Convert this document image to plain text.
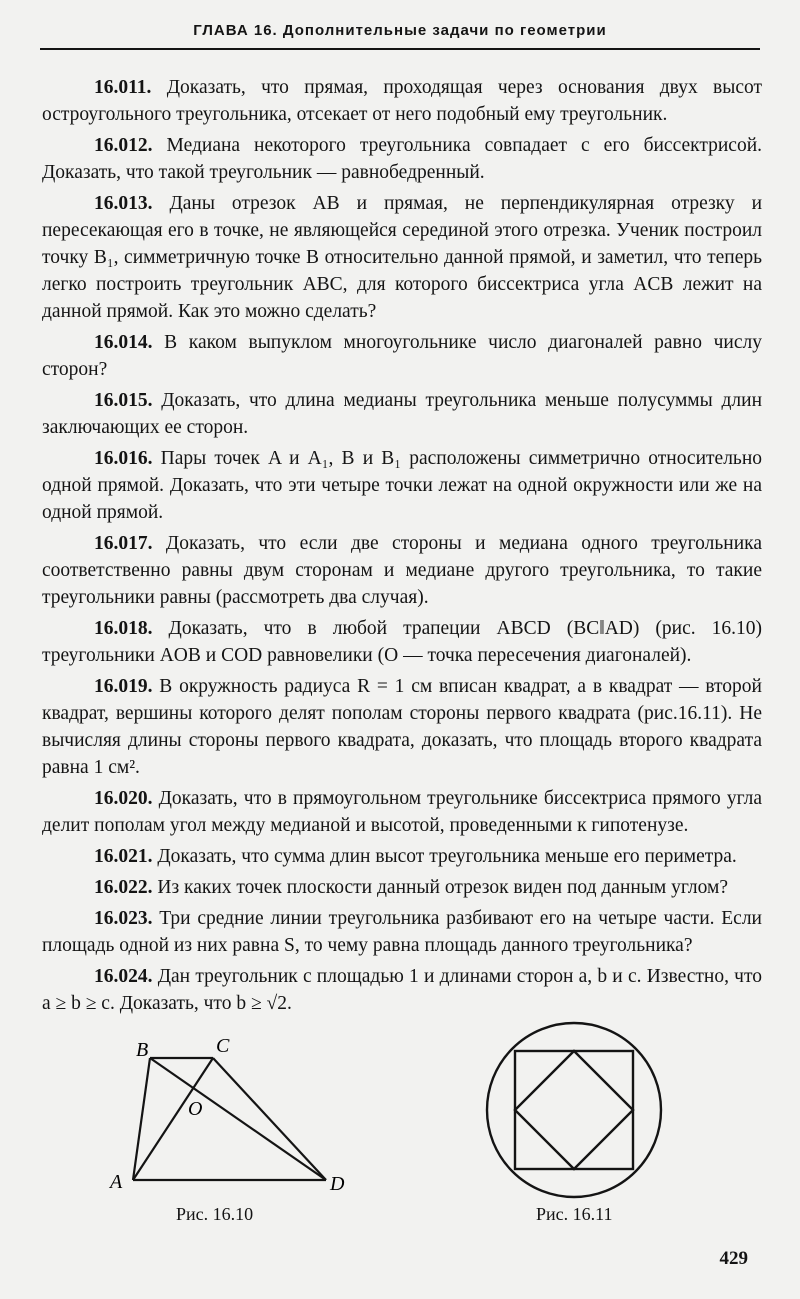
ГЛАВА 16. Дополнительные задачи по геометрии

16.011. Доказать, что прямая, проходящая через основания двух высот остроугольного треугольника, отсекает от него подобный ему треугольник.

16.012. Медиана некоторого треугольника совпадает с его биссектрисой. Доказать, что такой треугольник — равнобедренный.

16.013. Даны отрезок AB и прямая, не перпендикулярная отрезку и пересекающая его в точке, не являющейся серединой этого отрезка. Ученик построил точку B₁, симметричную точке B относительно данной прямой, и заметил, что теперь легко построить треугольник ABC, для которого биссектриса угла ACB лежит на данной прямой. Как это можно сделать?

16.014. В каком выпуклом многоугольнике число диагоналей равно числу сторон?

16.015. Доказать, что длина медианы треугольника меньше полусуммы длин заключающих ее сторон.

16.016. Пары точек A и A₁, B и B₁ расположены симметрично относительно одной прямой. Доказать, что эти четыре точки лежат на одной окружности или же на одной прямой.

16.017. Доказать, что если две стороны и медиана одного треугольника соответственно равны двум сторонам и медиане другого треугольника, то такие треугольники равны (рассмотреть два случая).

16.018. Доказать, что в любой трапеции ABCD (BC‖AD) (рис. 16.10) треугольники AOB и COD равновелики (O — точка пересечения диагоналей).

16.019. В окружность радиуса R = 1 см вписан квадрат, а в квадрат — второй квадрат, вершины которого делят пополам стороны первого квадрата (рис.16.11). Не вычисляя длины стороны первого квадрата, доказать, что площадь второго квадрата равна 1 см².

16.020. Доказать, что в прямоугольном треугольнике биссектриса прямого угла делит пополам угол между медианой и высотой, проведенными к гипотенузе.

16.021. Доказать, что сумма длин высот треугольника меньше его периметра.

16.022. Из каких точек плоскости данный отрезок виден под данным углом?

16.023. Три средние линии треугольника разбивают его на четыре части. Если площадь одной из них равна S, то чему равна площадь данного треугольника?

16.024. Дан треугольник с площадью 1 и длинами сторон a, b и c. Известно, что a ≥ b ≥ c. Доказать, что b ≥ √2.

B	C
O
A	D
Рис. 16.10	Рис. 16.11
429
